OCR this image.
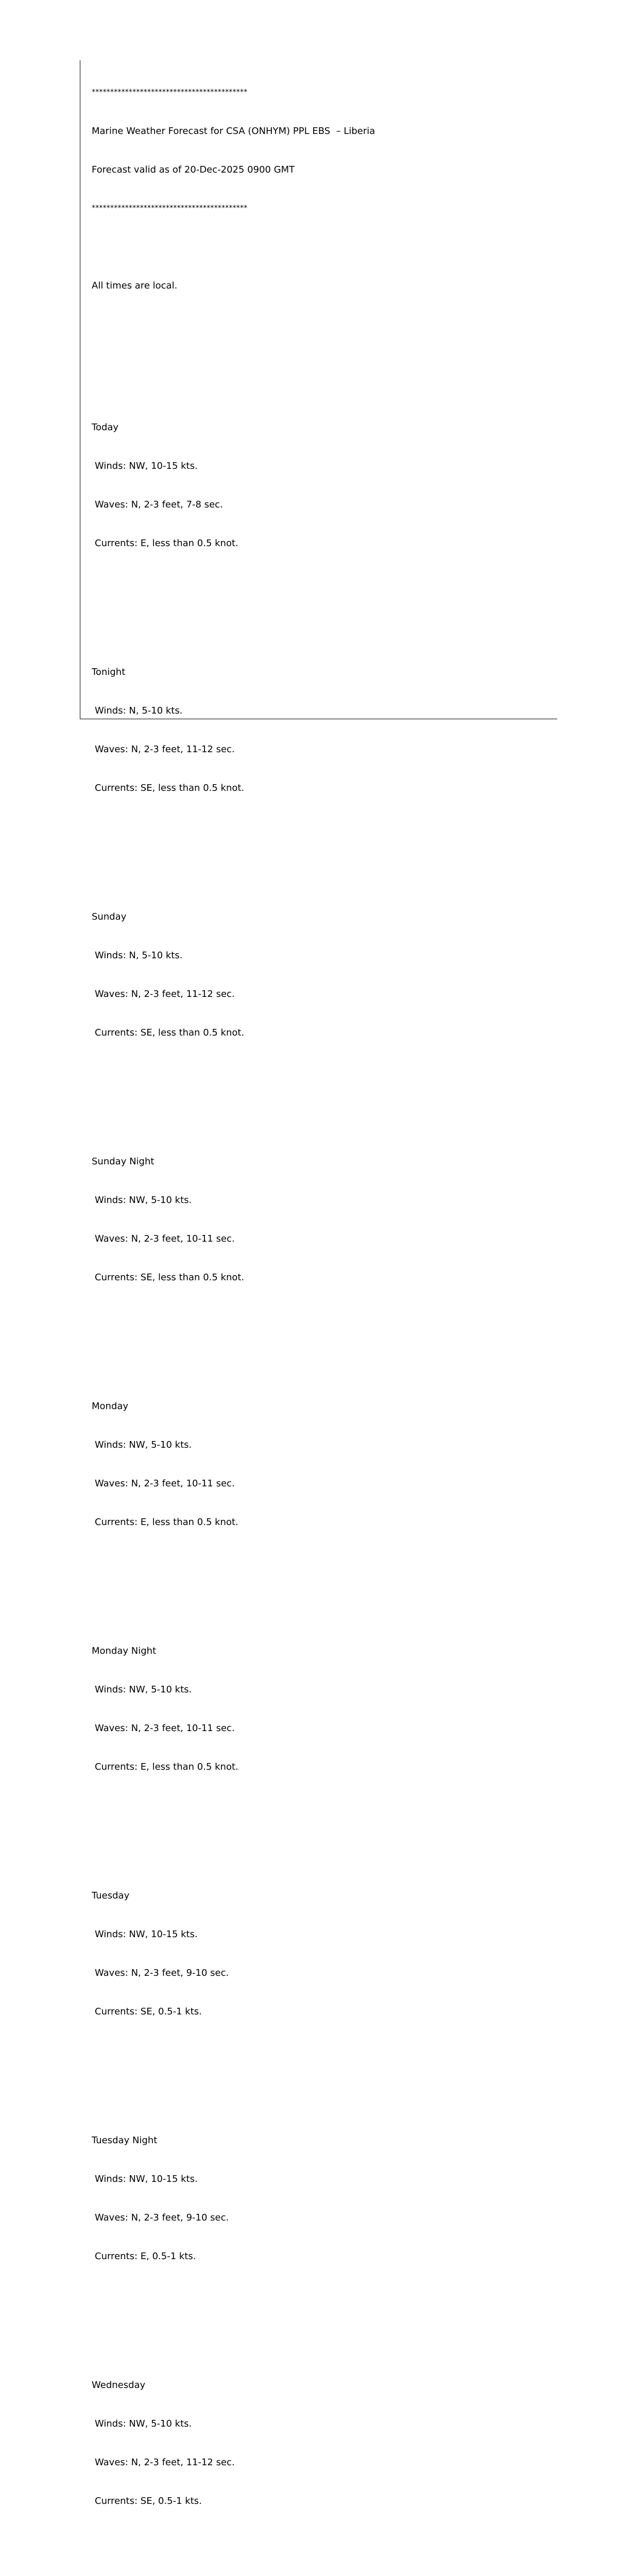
******************************************

Marine Weather Forecast for CSA (ONHYM) PPL EBS  – Liberia

Forecast valid as of 20-Dec-2025 0900 GMT

******************************************

All times are local.

Today

Winds: NW, 10-15 kts.

Waves: N, 2-3 feet, 7-8 sec.

Currents: E, less than 0.5 knot.

Tonight

Winds: N, 5-10 kts.

Waves: N, 2-3 feet, 11-12 sec.

Currents: SE, less than 0.5 knot.

Sunday

Winds: N, 5-10 kts.

Waves: N, 2-3 feet, 11-12 sec.

Currents: SE, less than 0.5 knot.

Sunday Night

Winds: NW, 5-10 kts.

Waves: N, 2-3 feet, 10-11 sec.

Currents: SE, less than 0.5 knot.

Monday

Winds: NW, 5-10 kts.

Waves: N, 2-3 feet, 10-11 sec.

Currents: E, less than 0.5 knot.

Monday Night

Winds: NW, 5-10 kts.

Waves: N, 2-3 feet, 10-11 sec.

Currents: E, less than 0.5 knot.

Tuesday

Winds: NW, 10-15 kts.

Waves: N, 2-3 feet, 9-10 sec.

Currents: SE, 0.5-1 kts.

Tuesday Night

Winds: NW, 10-15 kts.

Waves: N, 2-3 feet, 9-10 sec.

Currents: E, 0.5-1 kts.

Wednesday

Winds: NW, 5-10 kts.

Waves: N, 2-3 feet, 11-12 sec.

Currents: SE, 0.5-1 kts.
